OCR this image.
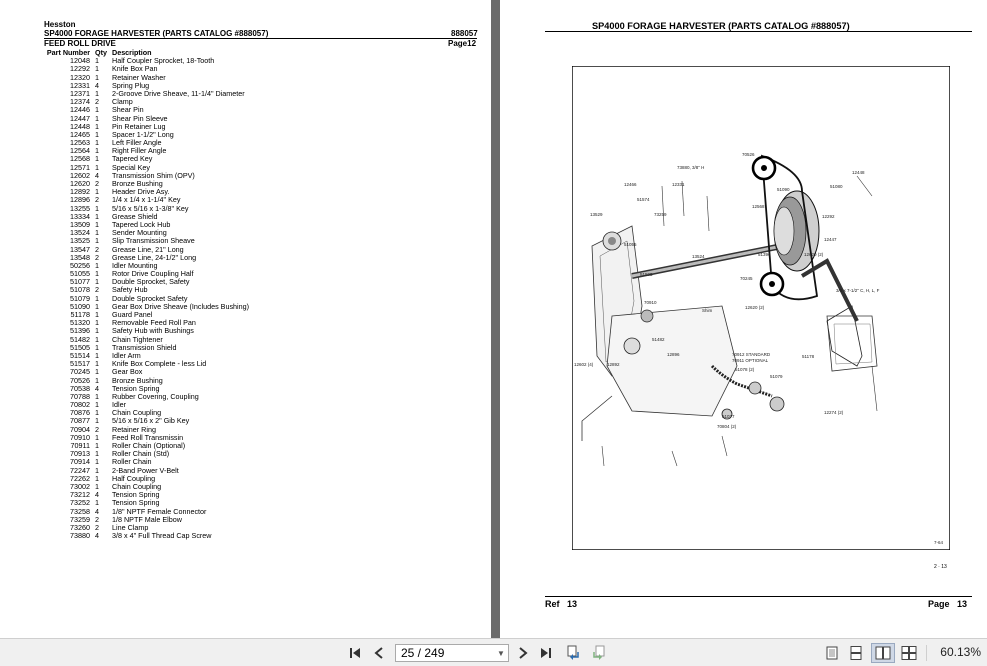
Hesston
SP4000 FORAGE HARVESTER (PARTS CATALOG #888057)	888057
FEED ROLL DRIVE	Page12
Part Number Qty Description
12048 1	Half Coupler Sprocket, 18-Tooth
12292 1	Knife Box Pan
12320 1	Retainer Washer
12331 4	Spring Plug
12371 1	2-Groove Drive Sheave, 11-1/4" Diameter
12374 2	Clamp
12446 1	Shear Pin
12447 1	Shear Pin Sleeve
12448 1	Pin Retainer Lug
12465 1	Spacer 1-1/2" Long
12563 1	Left Filler Angle
12564 1	Right Filler Angle
12568 1	Tapered Key
12571 1	Special Key
12602 4	Transmission Shim (OPV)
12620 2	Bronze Bushing
12892 1	Header Drive Asy.
12896 2	1/4 x 1/4 x 1-1/4" Key
13255 1	5/16 x 5/16 x 1-3/8" Key
13334 1	Grease Shield
13509 1	Tapered Lock Hub
13524 1	Sender Mounting
13525 1	Slip Transmission Sheave
13547 2	Grease Line, 21" Long
13548 2	Grease Line, 24-1/2" Long
50256 1	Idler Mounting
51055 1	Rotor Drive Coupling Half
51077 1	Double Sprocket, Safety
51078 2	Safety Hub
51079 1	Double Sprocket Safety
51090 1	Gear Box Drive Sheave (Includes Bushing)
51178 1	Guard Panel
51320 1	Removable Feed Roll Pan
51396 1	Safety Hub with Bushings
51482 1	Chain Tightener
51505 1	Transmission Shield
51514 1	Idler Arm
51517 1	Knife Box Complete - less Lid
70245 1	Gear Box
70526 1	Bronze Bushing
70538 4	Tension Spring
70788 1	Rubber Covering, Coupling
70802 1	Idler
70876 1	Chain Coupling
70877 1	5/16 x 5/16 x 2" Gib Key
70904 2	Retainer Ring
70910 1	Feed Roll Transmissin
70911 1	Roller Chain (Optional)
70913 1	Roller Chain (Std)
70914 1	Roller Chain
72247 1	2-Band Power V-Belt
72262 1	Half Coupling
73002 1	Chain Coupling
73212 4	Tension Spring
73252 1	Tension Spring
73258 4	1/8" NPTF Female Connector
73259 2	1/8 NPTF Male Elbow
73260 2	Line Clamp
73880 4	3/8 x 4" Full Thread Cap Screw
SP4000 FORAGE HARVESTER (PARTS CATALOG #888057)
70526
73880, 3/8" H
12331
12466
51574
12448
51090
51080
12568
12292
13529	73259
51055
13524
70245
51505
12620 (2)
12620 (2)
12447
51396
51482
12896
70910
12602 (4)	12892
70912 STANDARD
70911 OPTIONAL
51078 (2)
51079
51077
70804 (2)
51178
12274 (2)
7-64
Shim
3/8 x 7-1/2" C, H, L, F
2 · 13
Ref 13	Page 13
25 / 249	▼	60.13%
